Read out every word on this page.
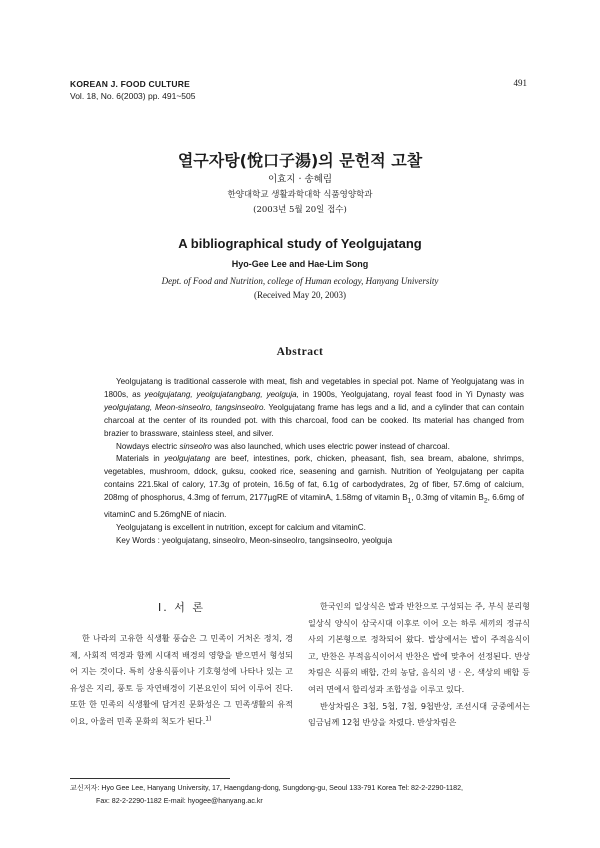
KOREAN J. FOOD CULTURE
Vol. 18, No. 6(2003) pp. 491~505
491
열구자탕(悅口子湯)의 문헌적 고찰
이효지 · 송혜림
한양대학교 생활과학대학 식품영양학과
(2003년 5월 20일 접수)
A bibliographical study of Yeolgujatang
Hyo-Gee Lee and Hae-Lim Song
Dept. of Food and Nutrition, college of Human ecology, Hanyang University
(Received May 20, 2003)
Abstract

Yeolgujatang is traditional casserole with meat, fish and vegetables in special pot. Name of Yeolgujatang was in 1800s, as yeolgujatang, yeolgujatangbang, yeolguja, in 1900s, Yeolgujatang, royal feast food in Yi Dynasty was yeolgujatang, Meon-sinseolro, tangsinseolro. Yeolgujatang frame has legs and a lid, and a cylinder that can contain charcoal at the center of its rounded pot. with this charcoal, food can be cooked. Its material has changed from brazier to brassware, stainless steel, and silver.

Nowdays electric sinseolro was also launched, which uses electric power instead of charcoal.

Materials in yeolgujatang are beef, intestines, pork, chicken, pheasant, fish, sea bream, abalone, shrimps, vegetables, mushroom, ddock, guksu, cooked rice, seasening and garnish. Nutrition of Yeolgujatang per capita contains 221.5kal of calory, 17.3g of protein, 16.5g of fat, 6.1g of carbodydrates, 2g of fiber, 57.6mg of calcium, 208mg of phosphorus, 4.3mg of ferrum, 2177µgRE of vitaminA, 1.58mg of vitamin $B_1$, 0.3mg of vitamin $B_2$, 6.6mg of vitaminC and 5.26mgNE of niacin.

Yeolgujatang is excellent in nutrition, except for calcium and vitaminC.

Key Words : yeolgujatang, sinseolro, Meon-sinseolro, tangsinseolro, yeolguja

I. 서 론

한 나라의 고유한 식생활 풍습은 그 민족이 거처온 정치, 경제, 사회적 역경과 함께 시대적 배경의 영향을 받으면서 형성되어 지는 것이다. 특히 상용식품이나 기호형성에 나타나 있는 고유성은 지리, 풍토 등 자연배경이 기본요인이 되어 이루어 진다. 또한 한 민족의 식생활에 담겨진 문화성은 그 민족생활의 유적이요, 아울러 민족 문화의 척도가 된다.$^{1)}$

한국인의 일상식은 밥과 반찬으로 구성되는 주, 부식 분리형 일상식 양식이 삼국시대 이후로 이어 오는 하루 세끼의 정규식사의 기본형으로 정착되어 왔다. 밥상에서는 밥이 주적음식이고, 반찬은 부적음식이어서 반찬은 밥에 맞추어 선정된다. 반상차림은 식품의 배합, 간의 농담, 음식의 냉 · 온, 색상의 배합 등 여러 면에서 합리성과 조합성을 이루고 있다.

반상차림은 3첩, 5첩, 7첩, 9첩반상, 조선시대 궁중에서는 임금님께 12첩 반상을 차렸다. 반상차림은

교신저자: Hyo Gee Lee, Hanyang University, 17, Haengdang-dong, Sungdong-gu, Seoul 133-791 Korea Tel: 82-2-2290-1182,
Fax: 82-2-2290-1182 E-mail: hyogee@hanyang.ac.kr
